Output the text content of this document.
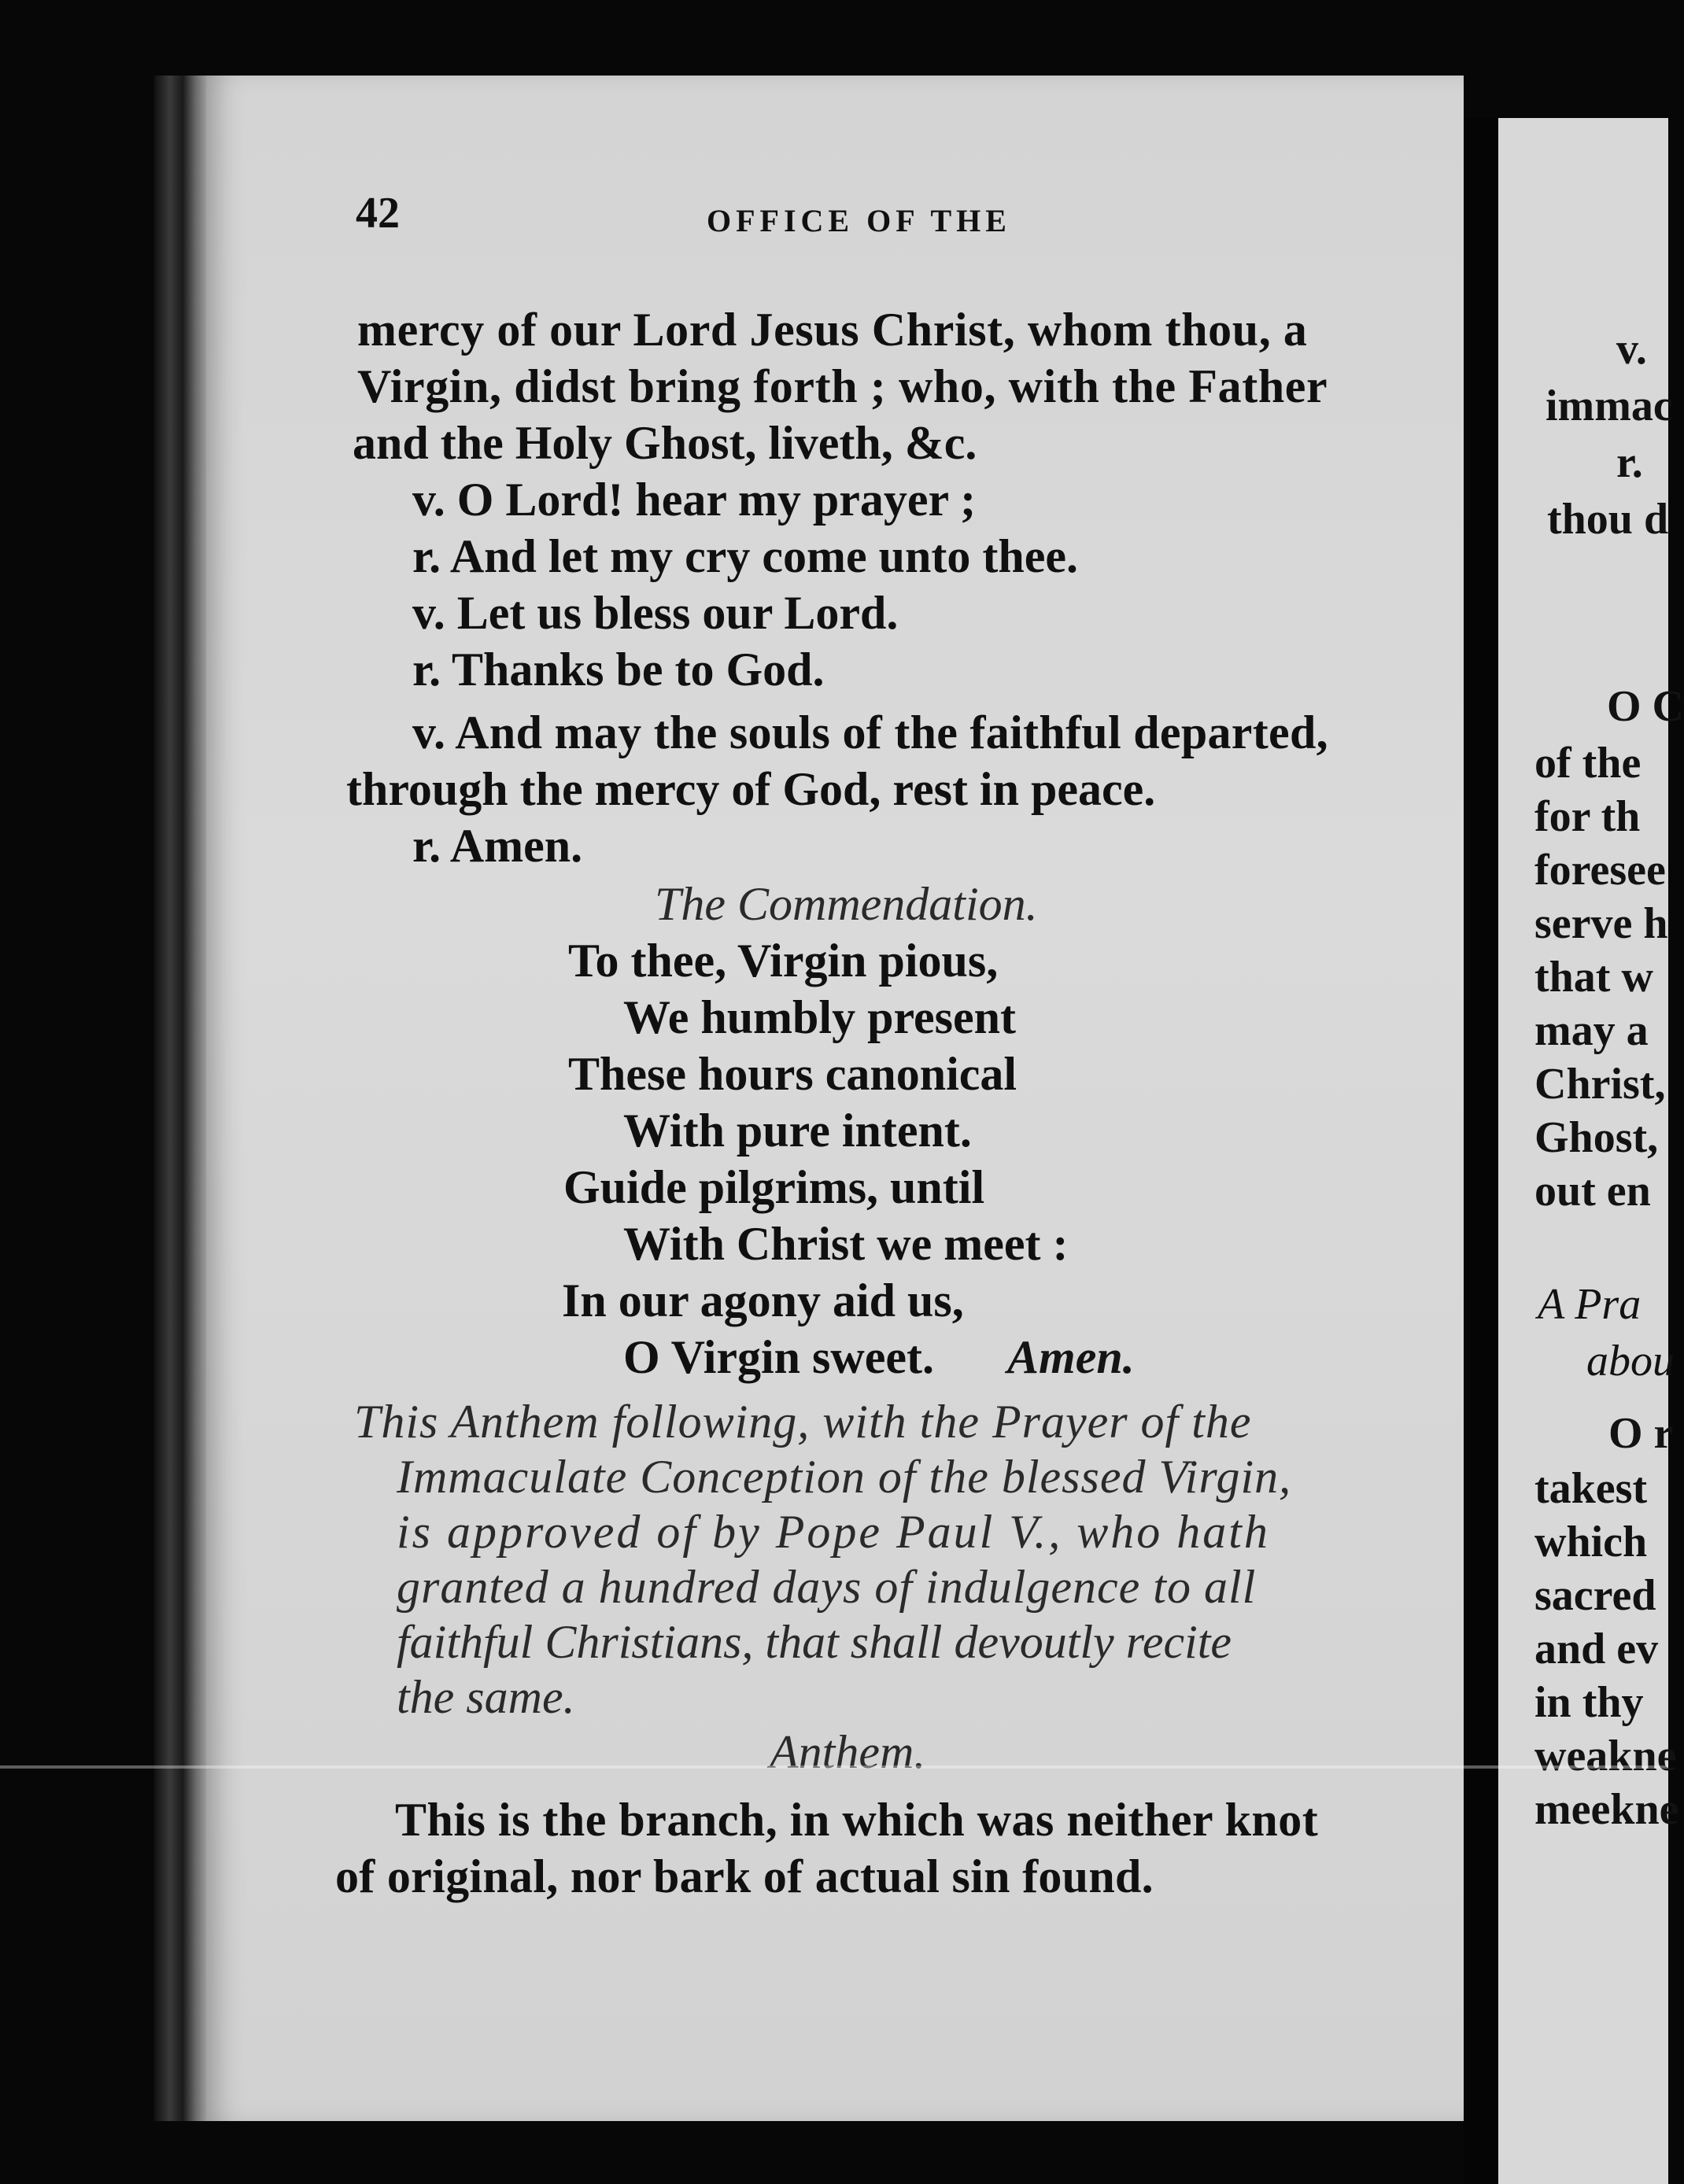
42	OFFICE OF THE
mercy of our Lord Jesus Christ, whom thou, a
Virgin, didst bring forth ; who, with the Father
and the Holy Ghost, liveth, &c.
v. O Lord! hear my prayer ;
r. And let my cry come unto thee.
v. Let us bless our Lord.
r. Thanks be to God.
v. And may the souls of the faithful departed,
through the mercy of God, rest in peace.
r. Amen.
The Commendation.
To thee, Virgin pious,
We humbly present
These hours canonical
With pure intent.
Guide pilgrims, until
With Christ we meet :
In our agony aid us,
O Virgin sweet. Amen.
This Anthem following, with the Prayer of the
Immaculate Conception of the blessed Virgin,
is approved of by Pope Paul V., who hath
granted a hundred days of indulgence to all
faithful Christians, that shall devoutly recite
the same.
Anthem.
This is the branch, in which was neither knot
of original, nor bark of actual sin found.
v.
immac
r.
thou d
O C
of the
for th
foresee
serve h
that w
may a
Christ,
Ghost,
out en
A Pra
abou
O r
takest
which
sacred
and ev
in thy
weakne
meekne
